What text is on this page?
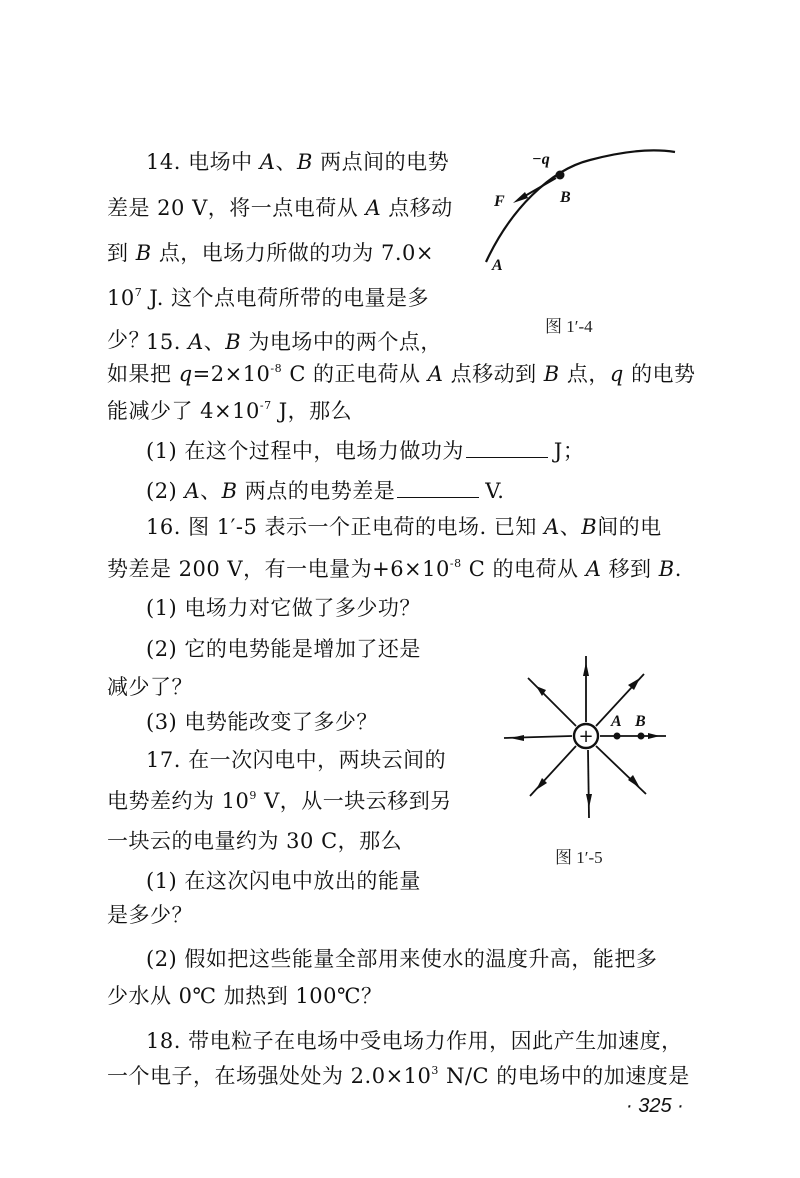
14. 电场中 A、B 两点间的电势
差是 20 V，将一点电荷从 A 点移动
到 B 点，电场力所做的功为 7.0×
$10^7$ J. 这个点电荷所带的电量是多
少？
−q
F	B
A
图 1′-4
15. A、B 为电场中的两个点，
如果把 $q=2\times 10^{-8}$ C 的正电荷从 A 点移动到 B 点，q 的电势
能减少了 $4\times 10^{-7}$ J，那么
(1) 在这个过程中，电场力做功为	J；
(2) A、B 两点的电势差是	V.
16. 图 1′-5 表示一个正电荷的电场. 已知 A、B间的电
势差是 200 V，有一电量为$+6\times 10^{-8}$ C 的电荷从 A 移到 B.
(1) 电场力对它做了多少功？
(2) 它的电势能是增加了还是
减少了？
(3) 电势能改变了多少？
+
A B
图 1′-5
17. 在一次闪电中，两块云间的
电势差约为 $10^9$ V，从一块云移到另
一块云的电量约为 30 C，那么
(1) 在这次闪电中放出的能量
是多少？
(2) 假如把这些能量全部用来使水的温度升高，能把多
少水从 0℃ 加热到 100℃？
18. 带电粒子在电场中受电场力作用，因此产生加速度，
一个电子，在场强处处为 $2.0\times 10^3$ N/C 的电场中的加速度是
· 325 ·
